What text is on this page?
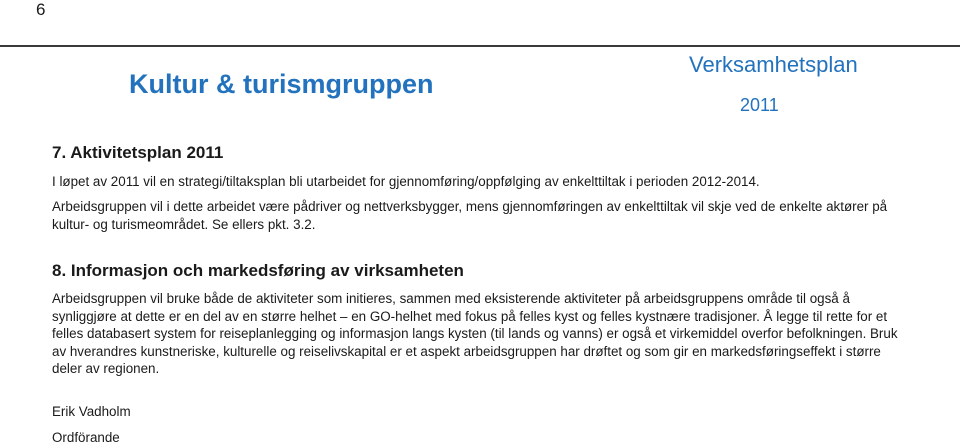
6
Kultur & turismgruppen
Verksamhetsplan
2011
7. Aktivitetsplan 2011

I løpet av 2011 vil en strategi/tiltaksplan bli utarbeidet for gjennomføring/oppfølging av enkelttiltak i perioden 2012-2014.

Arbeidsgruppen vil i dette arbeidet være pådriver og nettverksbygger, mens gjennomføringen av enkelttiltak vil skje ved de enkelte aktører på kultur- og turismeområdet. Se ellers pkt. 3.2.

8. Informasjon och markedsføring av virksamheten

Arbeidsgruppen vil bruke både de aktiviteter som initieres, sammen med eksisterende aktiviteter på arbeidsgruppens område til også å synliggjøre at dette er en del av en større helhet – en GO-helhet med fokus på felles kyst og felles kystnære tradisjoner. Å legge til rette for et felles databasert system for reiseplanlegging og informasjon langs kysten (til lands og vanns) er også et virkemiddel overfor befolkningen. Bruk av hverandres kunstneriske, kulturelle og reiselivskapital er et aspekt arbeidsgruppen har drøftet og som gir en markedsføringseffekt i større deler av regionen.

Erik Vadholm
Ordförande
